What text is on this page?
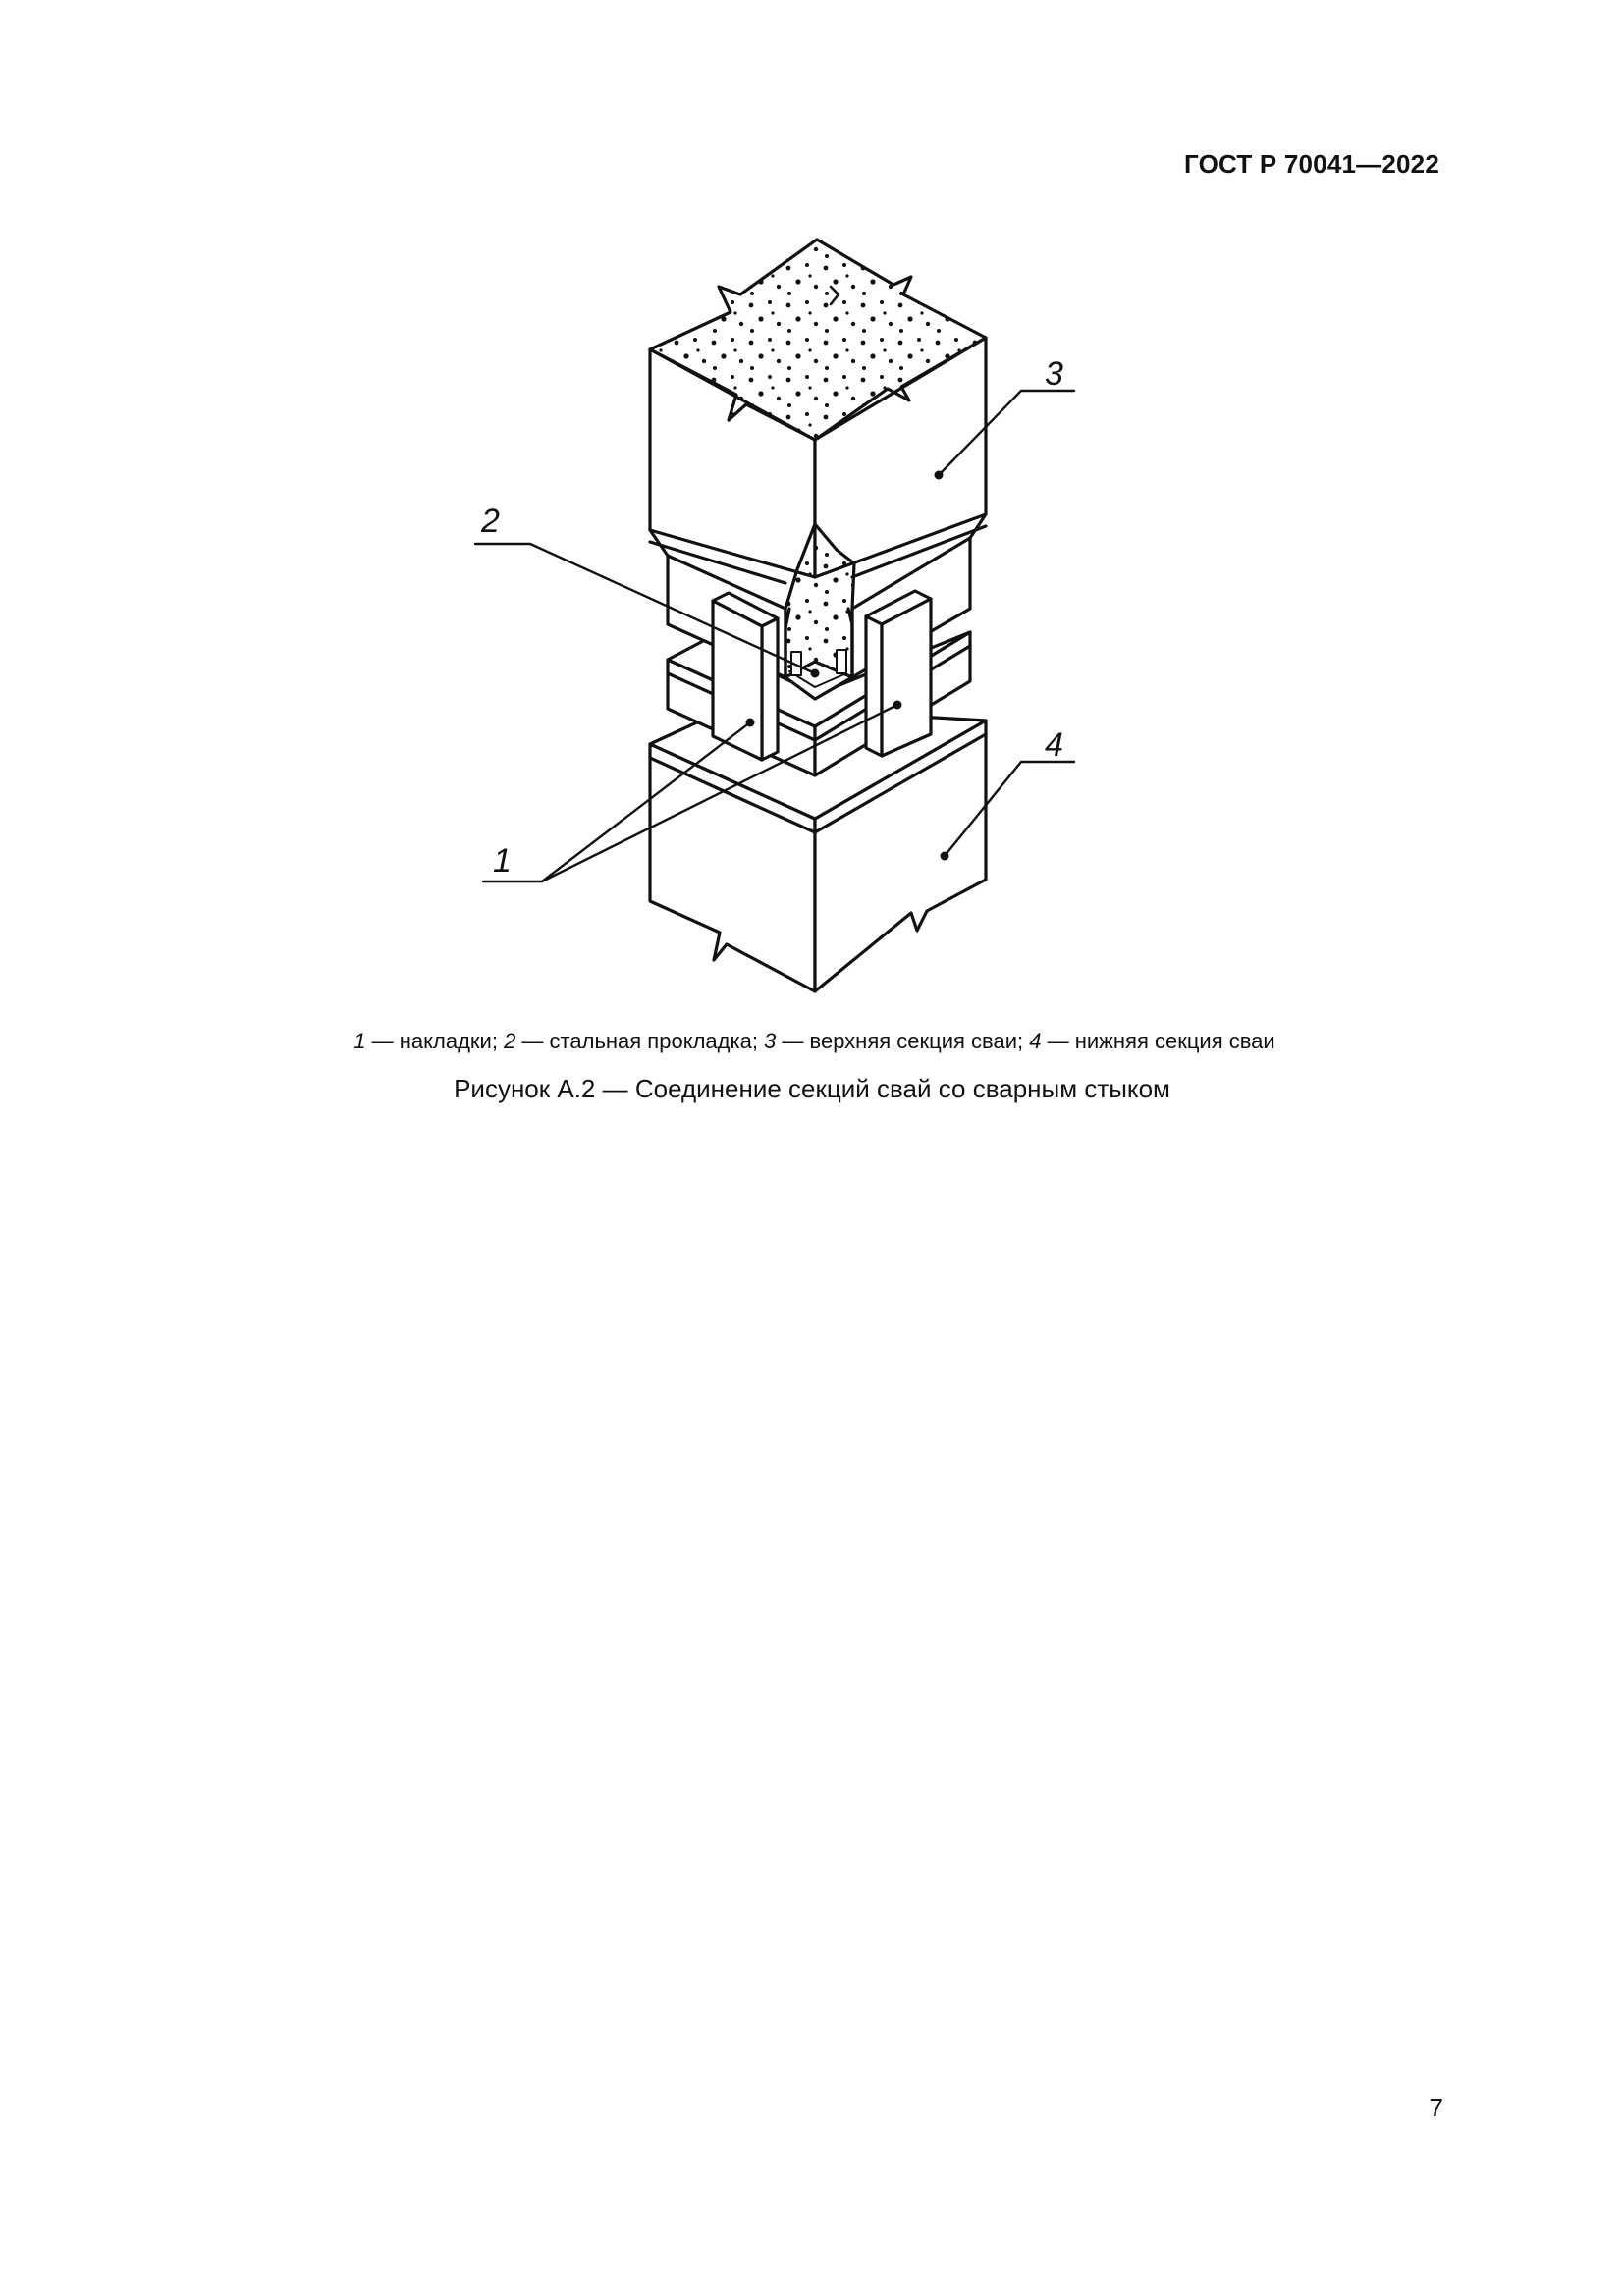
ГОСТ Р 70041—2022
1
2
3
4
1 — накладки; 2 — стальная прокладка; 3 — верхняя секция сваи; 4 — нижняя секция сваи
Рисунок А.2 — Соединение секций свай со сварным стыком
7
